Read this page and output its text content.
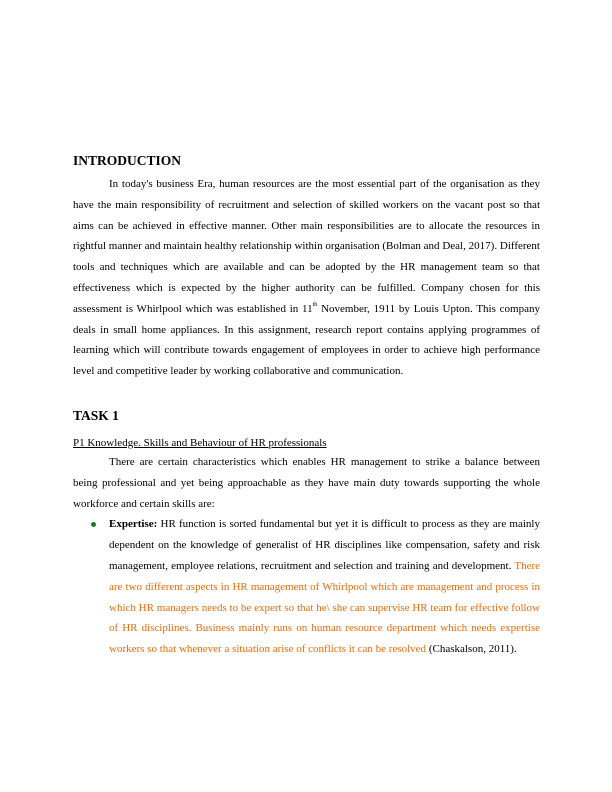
INTRODUCTION

In today's business Era, human resources are the most essential part of the organisation as they have the main responsibility of recruitment and selection of skilled workers on the vacant post so that aims can be achieved in effective manner. Other main responsibilities are to allocate the resources in rightful manner and maintain healthy relationship within organisation (Bolman and Deal, 2017). Different tools and techniques which are available and can be adopted by the HR management team so that effectiveness which is expected by the higher authority can be fulfilled. Company chosen for this assessment is Whirlpool which was established in 11th November, 1911 by Louis Upton. This company deals in small home appliances. In this assignment, research report contains applying programmes of learning which will contribute towards engagement of employees in order to achieve high performance level and competitive leader by working collaborative and communication.

TASK 1

P1 Knowledge. Skills and Behaviour of HR professionals

There are certain characteristics which enables HR management to strike a balance between being professional and yet being approachable as they have main duty towards supporting the whole workforce and certain skills are:

Expertise: HR function is sorted fundamental but yet it is difficult to process as they are mainly dependent on the knowledge of generalist of HR disciplines like compensation, safety and risk management, employee relations, recruitment and selection and training and development. There are two different aspects in HR management of Whirlpool which are management and process in which HR managers needs to be expert so that he\ she can supervise HR team for effective follow of HR disciplines. Business mainly runs on human resource department which needs expertise workers so that whenever a situation arise of conflicts it can be resolved (Chaskalson, 2011).
